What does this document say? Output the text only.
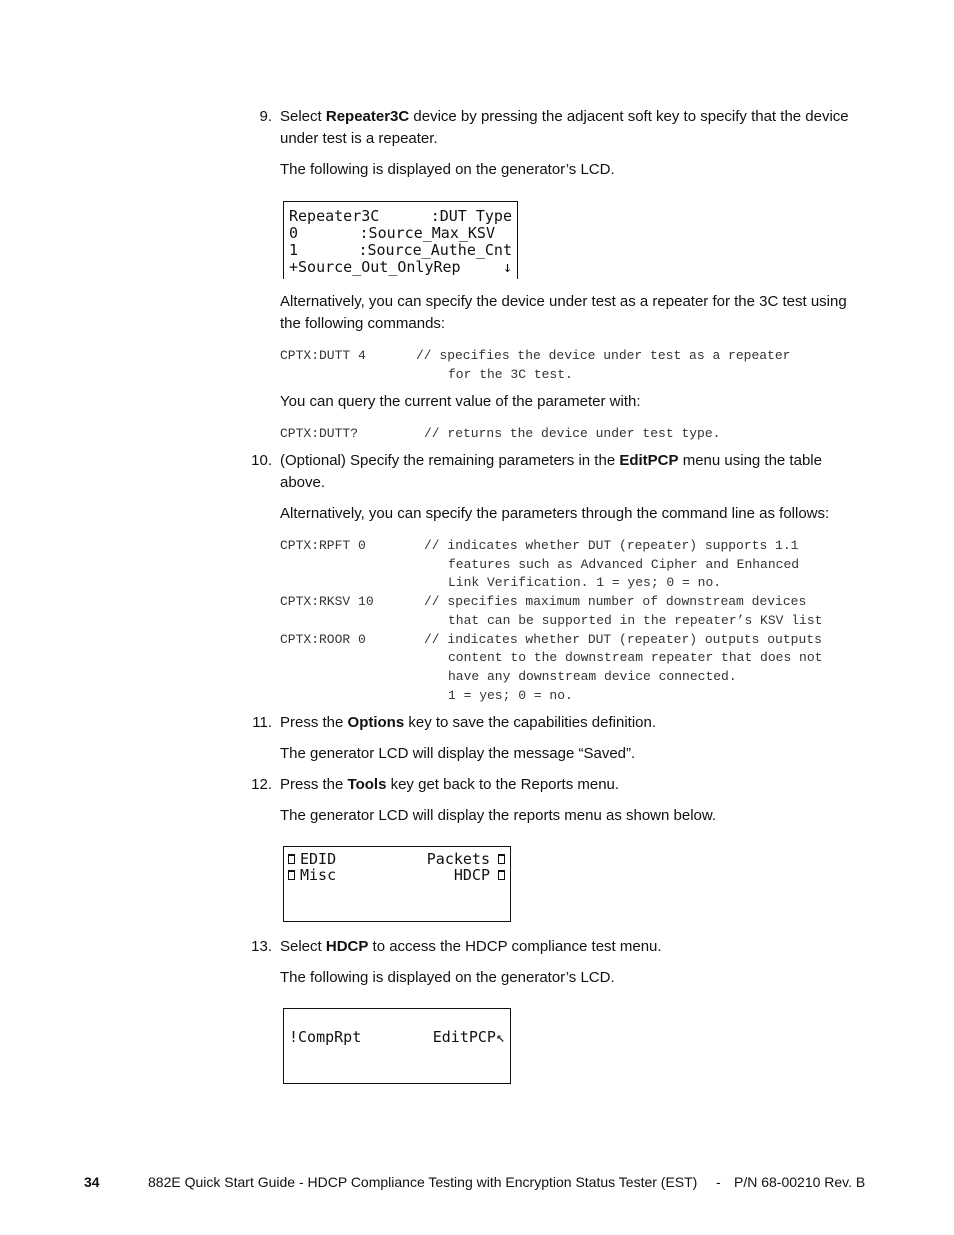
9. Select Repeater3C device by pressing the adjacent soft key to specify that the device under test is a repeater.
The following is displayed on the generator’s LCD.
Repeater3C	:DUT Type
0	:Source_Max_KSV
1	:Source_Authe_Cnt
+Source_Out_OnlyRep	↓
Alternatively, you can specify the device under test as a repeater for the 3C test using the following commands:
CPTX:DUTT 4	// specifies the device under test as a repeater
for the 3C test.
You can query the current value of the parameter with:
CPTX:DUTT?	// returns the device under test type.
10. (Optional) Specify the remaining parameters in the EditPCP menu using the table above.
Alternatively, you can specify the parameters through the command line as follows:
CPTX:RPFT 0	// indicates whether DUT (repeater) supports 1.1
features such as Advanced Cipher and Enhanced
Link Verification. 1 = yes; 0 = no.
CPTX:RKSV 10	// specifies maximum number of downstream devices
that can be supported in the repeater’s KSV list
CPTX:ROOR 0	// indicates whether DUT (repeater) outputs outputs
content to the downstream repeater that does not
have any downstream device connected.
1 = yes; 0 = no.
11. Press the Options key to save the capabilities definition.
The generator LCD will display the message “Saved”.
12. Press the Tools key get back to the Reports menu.
The generator LCD will display the reports menu as shown below.
EDID	Packets
Misc	HDCP
13. Select HDCP to access the HDCP compliance test menu.
The following is displayed on the generator’s LCD.
!CompRpt	EditPCP↖
34	882E Quick Start Guide - HDCP Compliance Testing with Encryption Status Tester (EST) - P/N 68-00210 Rev. B
